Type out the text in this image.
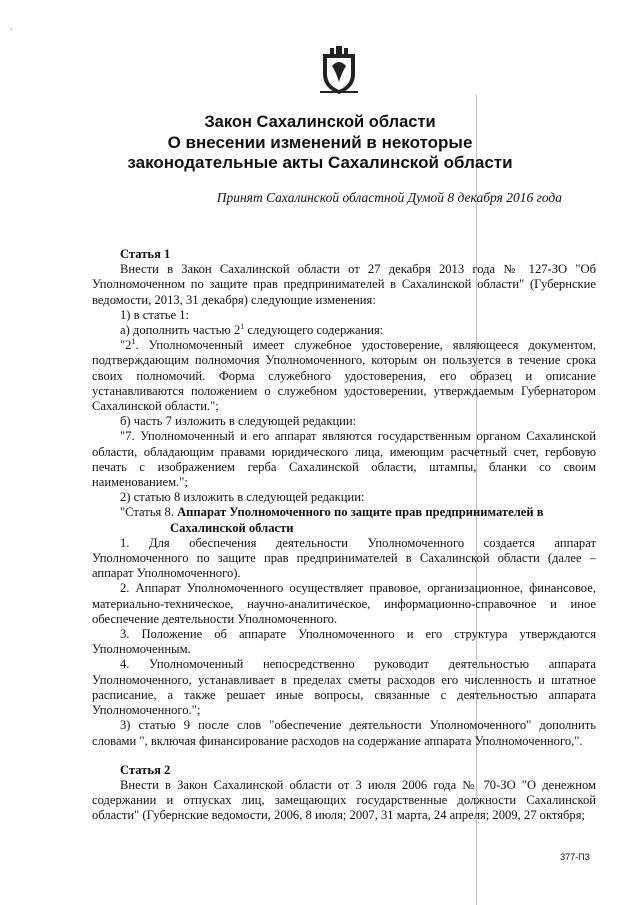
·
Закон Сахалинской области
О внесении изменений в некоторые
законодательные акты Сахалинской области
Принят Сахалинской областной Думой 8 декабря 2016 года

Статья 1

Внести в Закон Сахалинской области от 27 декабря 2013 года № 127-ЗО "Об Уполномоченном по защите прав предпринимателей в Сахалинской области" (Губернские ведомости, 2013, 31 декабря) следующие изменения:

1) в статье 1:

а) дополнить частью $2^1$ следующего содержания:

"$2^1$. Уполномоченный имеет служебное удостоверение, являющееся документом, подтверждающим полномочия Уполномоченного, которым он пользуется в течение срока своих полномочий. Форма служебного удостоверения, его образец и описание устанавливаются положением о служебном удостоверении, утверждаемым Губернатором Сахалинской области.";

б) часть 7 изложить в следующей редакции:

"7. Уполномоченный и его аппарат являются государственным органом Сахалинской области, обладающим правами юридического лица, имеющим расчетный счет, гербовую печать с изображением герба Сахалинской области, штампы, бланки со своим наименованием.";

2) статью 8 изложить в следующей редакции:

"Статья 8. Аппарат Уполномоченного по защите прав предпринимателей в

Сахалинской области

1. Для обеспечения деятельности Уполномоченного создается аппарат Уполномоченного по защите прав предпринимателей в Сахалинской области (далее – аппарат Уполномоченного).

2. Аппарат Уполномоченного осуществляет правовое, организационное, финансовое, материально-техническое, научно-аналитическое, информационно-справочное и иное обеспечение деятельности Уполномоченного.

3. Положение об аппарате Уполномоченного и его структура утверждаются Уполномоченным.

4. Уполномоченный непосредственно руководит деятельностью аппарата Уполномоченного, устанавливает в пределах сметы расходов его численность и штатное расписание, а также решает иные вопросы, связанные с деятельностью аппарата Уполномоченного.";

3) статью 9 после слов "обеспечение деятельности Уполномоченного" дополнить словами ", включая финансирование расходов на содержание аппарата Уполномоченного,".

Статья 2

Внести в Закон Сахалинской области от 3 июля 2006 года № 70-ЗО "О денежном содержании и отпусках лиц, замещающих государственные должности Сахалинской области" (Губернские ведомости, 2006, 8 июля; 2007, 31 марта, 24 апреля; 2009, 27 октября;

377-ПЗ
